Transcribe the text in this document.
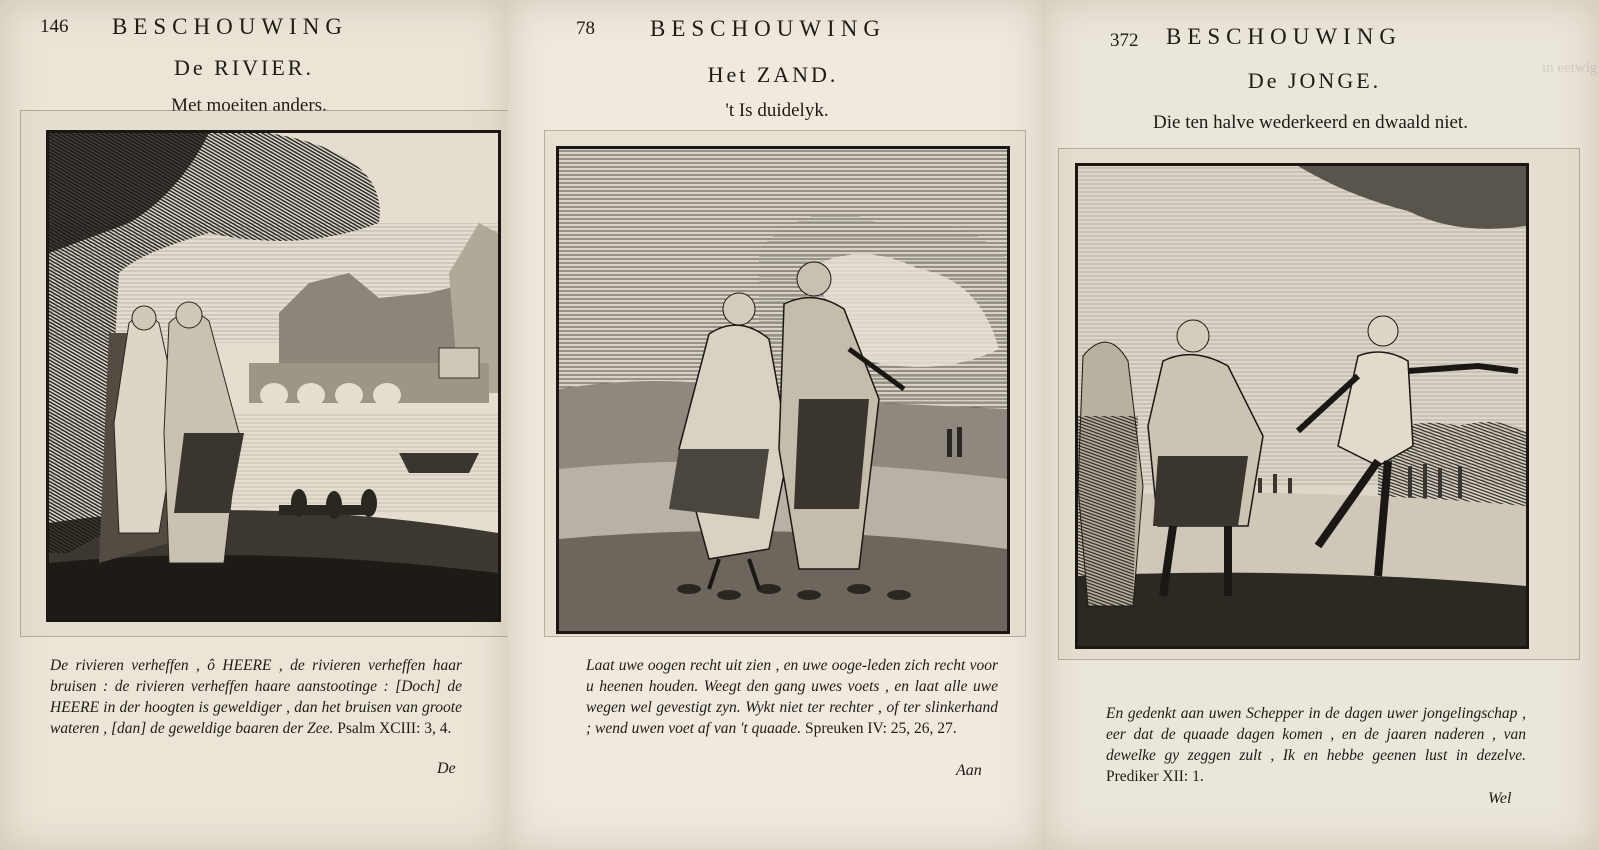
146 BESCHOUWING
De RIVIER.
Met moeiten anders.
De rivieren verheffen , ô HEERE , de rivieren verheffen haar bruisen : de rivieren verheffen haare aanstootinge : [Doch] de HEERE in der hoogten is geweldiger , dan het bruisen van groote wateren , [dan] de geweldige baaren der Zee. Psalm XCIII: 3, 4.
De
78 BESCHOUWING
Het ZAND.
't Is duidelyk.
Laat uwe oogen recht uit zien , en uwe ooge-leden zich recht voor u heenen houden. Weegt den gang uwes voets , en laat alle uwe wegen wel gevestigt zyn. Wykt niet ter rechter , of ter slinkerhand ; wend uwen voet af van 't quaade. Spreuken IV: 25, 26, 27.
Aan
in eetwig
372 BESCHOUWING
De JONGE.
Die ten halve wederkeerd en dwaald niet.
En gedenkt aan uwen Schepper in de dagen uwer jongelingschap , eer dat de quaade dagen komen , en de jaaren naderen , van dewelke gy zeggen zult , Ik en hebbe geenen lust in dezelve. Prediker XII: 1.
Wel
